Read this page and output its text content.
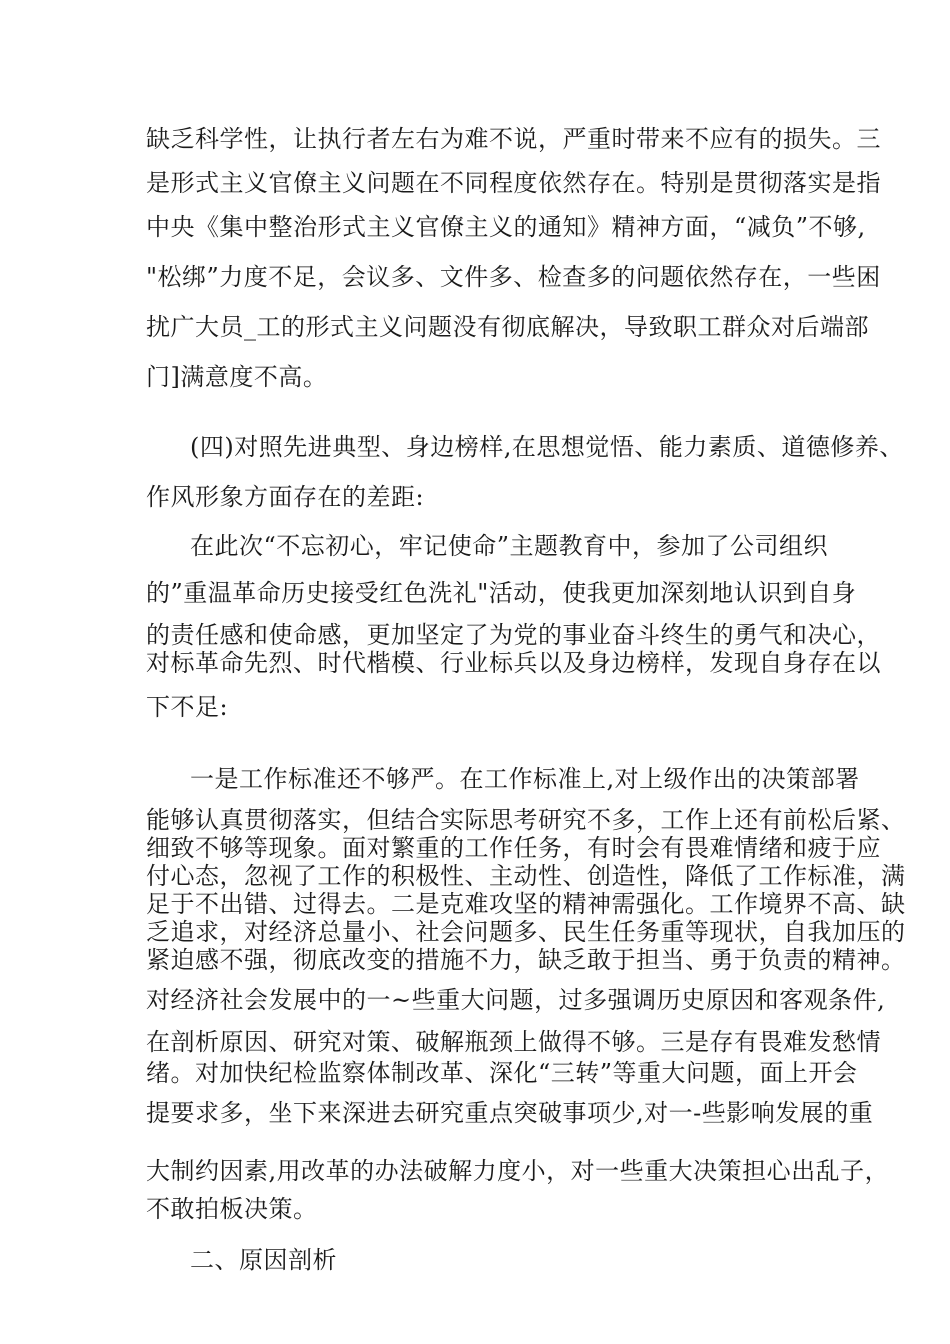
缺乏科学性，让执行者左右为难不说，严重时带来不应有的损失。三
是形式主义官僚主义问题在不同程度依然存在。特别是贯彻落实是指
中央《集中整治形式主义官僚主义的通知》精神方面，“减负”不够,
"松绑”力度不足，会议多、文件多、检查多的问题依然存在，一些困
扰广大员_工的形式主义问题没有彻底解决，导致职工群众对后端部
门]满意度不高。
(四)对照先进典型、身边榜样,在思想觉悟、能力素质、道德修养、
作风形象方面存在的差距:
在此次“不忘初心，牢记使命”主题教育中，参加了公司组织
的”重温革命历史接受红色洗礼"活动，使我更加深刻地认识到自身
的责任感和使命感，更加坚定了为党的事业奋斗终生的勇气和决心，
对标革命先烈、时代楷模、行业标兵以及身边榜样，发现自身存在以
下不足:
一是工作标准还不够严。在工作标准上,对上级作出的决策部署
能够认真贯彻落实，但结合实际思考研究不多，工作上还有前松后紧、
细致不够等现象。面对繁重的工作任务，有时会有畏难情绪和疲于应
付心态，忽视了工作的积极性、主动性、创造性，降低了工作标准，满
足于不出错、过得去。二是克难攻坚的精神需强化。工作境界不高、缺
乏追求，对经济总量小、社会问题多、民生任务重等现状，自我加压的
紧迫感不强，彻底改变的措施不力，缺乏敢于担当、勇于负责的精神。
对经济社会发展中的一~些重大问题，过多强调历史原因和客观条件,
在剖析原因、研究对策、破解瓶颈上做得不够。三是存有畏难发愁情
绪。对加快纪检监察体制改革、深化“三转”等重大问题，面上开会
提要求多，坐下来深进去研究重点突破事项少,对一-些影响发展的重
大制约因素,用改革的办法破解力度小，对一些重大决策担心出乱子，
不敢拍板决策。
二、原因剖析
